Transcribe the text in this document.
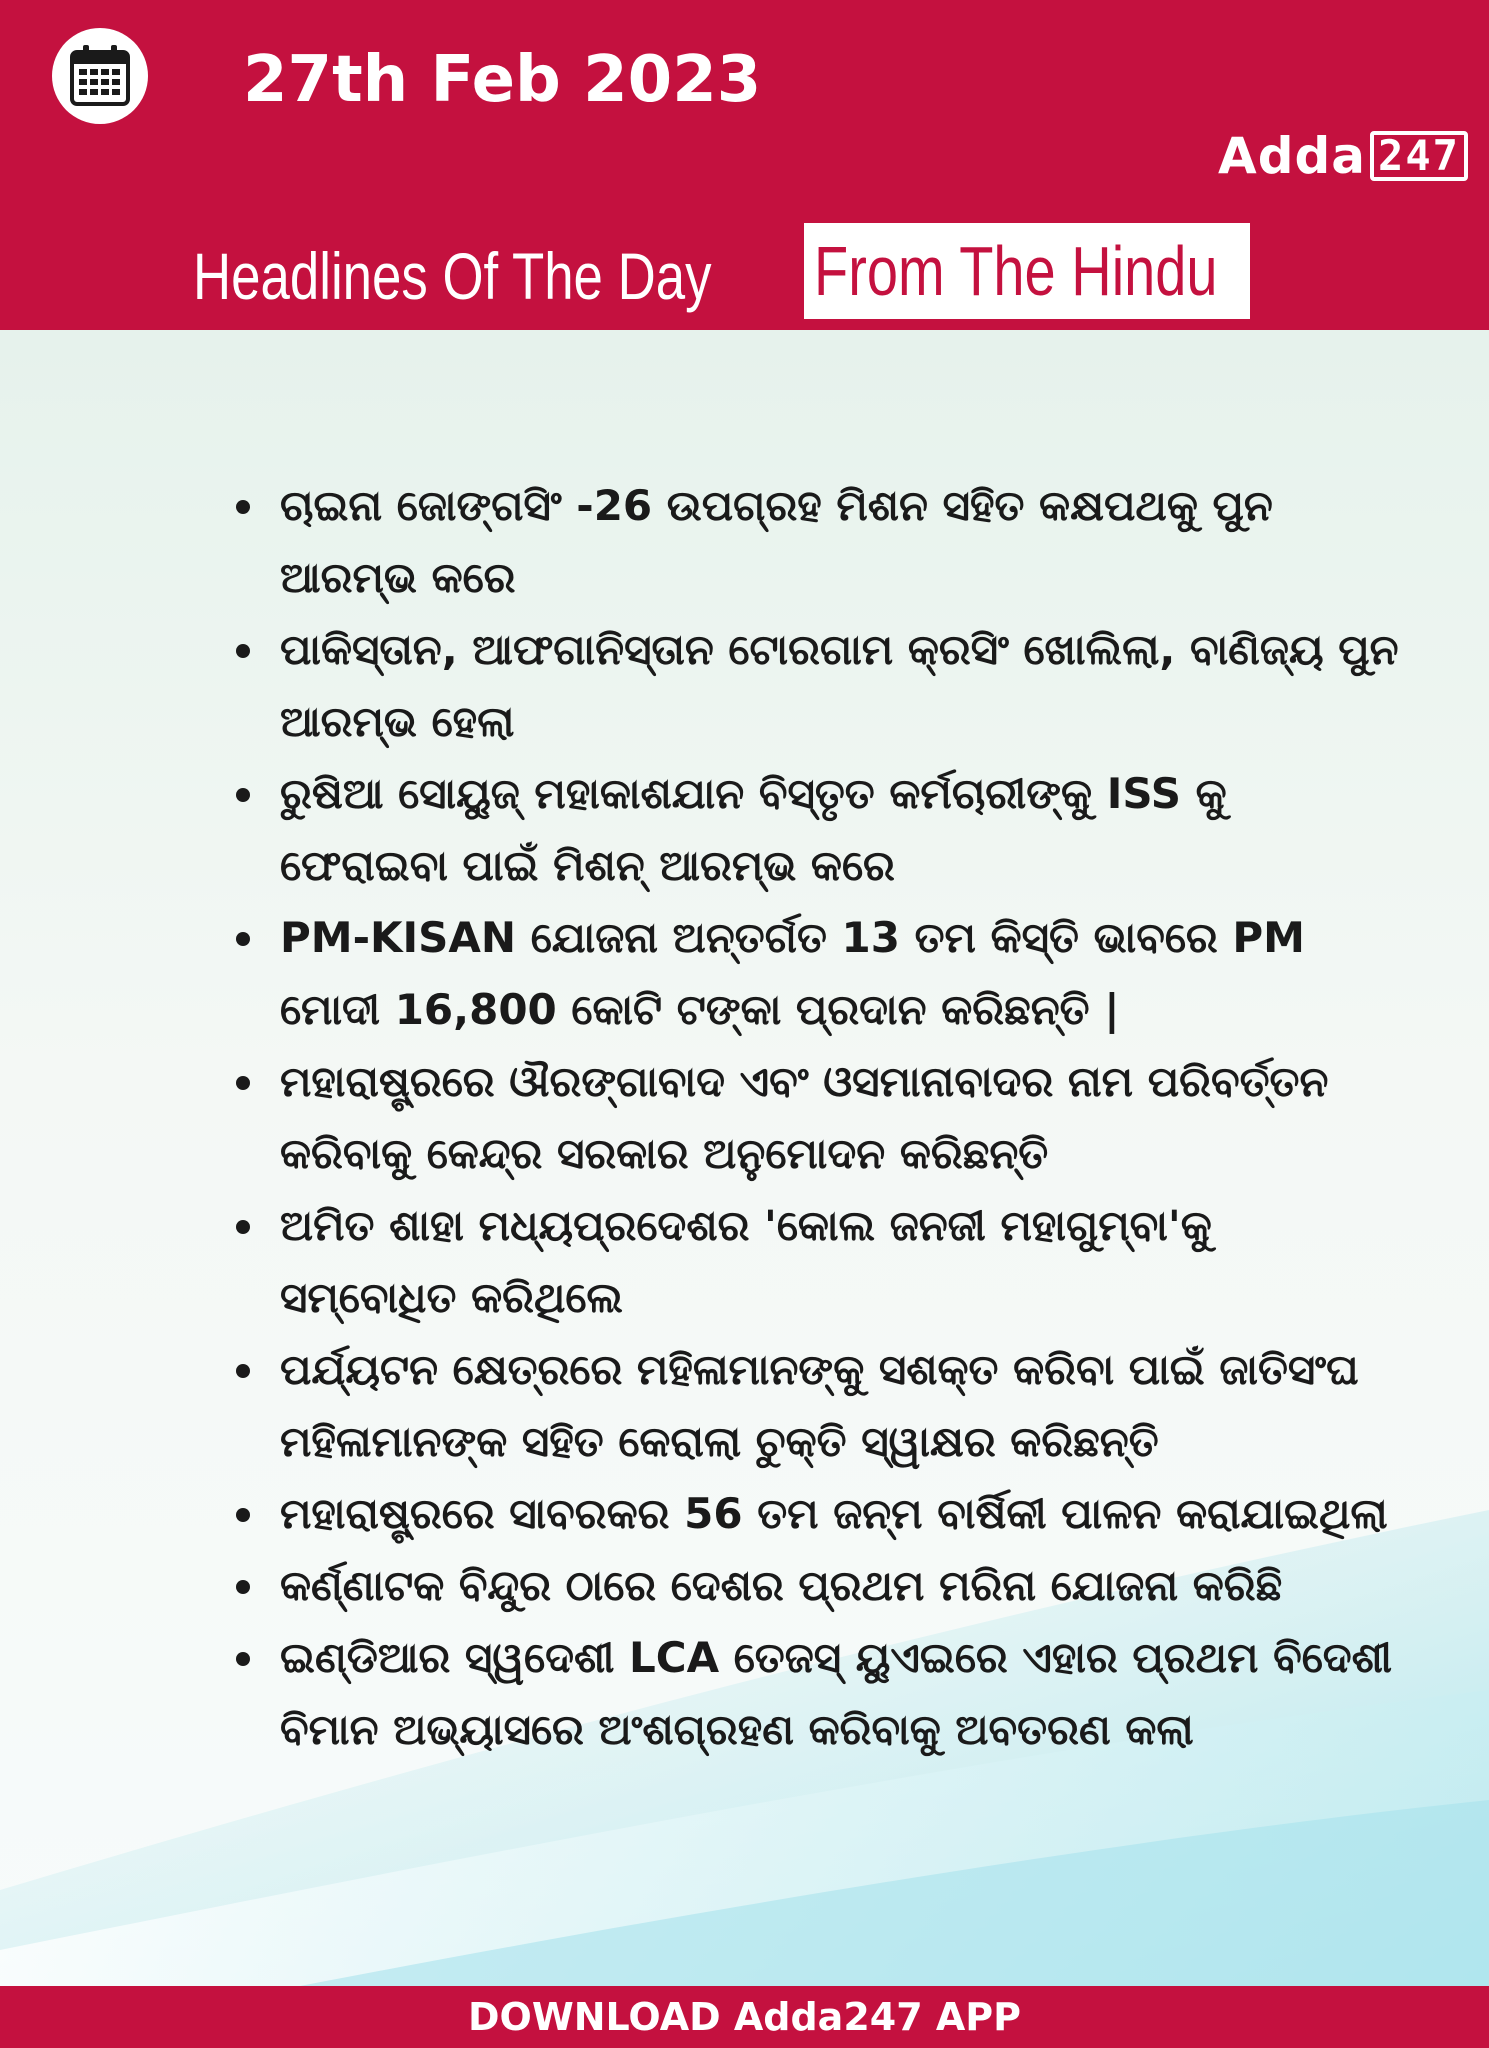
27th Feb 2023
Adda 247
Headlines Of The Day From The Hindu
ଚାଇନା ଜୋଙ୍ଗସିଂ -26 ଉପଗ୍ରହ ମିଶନ ସହିତ କକ୍ଷପଥକୁ ପୁନ ଆରମ୍ଭ କରେ
ପାକିସ୍ତାନ, ଆଫଗାନିସ୍ତାନ ଟୋରଗାମ କ୍ରସିଂ ଖୋଲିଲା, ବାଣିଜ୍ୟ ପୁନ ଆରମ୍ଭ ହେଲା
ରୁଷିଆ ସୋୟୁଜ୍ ମହାକାଶଯାନ ବିସ୍ତୃତ କର୍ମଚାରୀଙ୍କୁ ISS କୁ ଫେରାଇବା ପାଇଁ ମିଶନ୍ ଆରମ୍ଭ କରେ
PM-KISAN ଯୋଜନା ଅନ୍ତର୍ଗତ 13 ତମ କିସ୍ତି ଭାବରେ PM ମୋଦୀ 16,800 କୋଟି ଟଙ୍କା ପ୍ରଦାନ କରିଛନ୍ତି |
ମହାରାଷ୍ଟ୍ରରେ ଔରଙ୍ଗାବାଦ ଏବଂ ଓସମାନାବାଦର ନାମ ପରିବର୍ତ୍ତନ କରିବାକୁ କେନ୍ଦ୍ର ସରକାର ଅନୁମୋଦନ କରିଛନ୍ତି
ଅମିତ ଶାହା ମଧ୍ୟପ୍ରଦେଶର 'କୋଲ ଜନଜୀ ମହାଗୁମ୍ବା'କୁ ସମ୍ବୋଧିତ କରିଥିଲେ
ପର୍ଯ୍ୟଟନ କ୍ଷେତ୍ରରେ ମହିଳାମାନଙ୍କୁ ସଶକ୍ତ କରିବା ପାଇଁ ଜାତିସଂଘ ମହିଳାମାନଙ୍କ ସହିତ କେରାଲା ଚୁକ୍ତି ସ୍ୱାକ୍ଷର କରିଛନ୍ତି
ମହାରାଷ୍ଟ୍ରରେ ସାବରକର 56 ତମ ଜନ୍ମ ବାର୍ଷିକୀ ପାଳନ କରାଯାଇଥିଲା
କର୍ଣ୍ଣାଟକ ବିନ୍ଦୁର ଠାରେ ଦେଶର ପ୍ରଥମ ମରିନା ଯୋଜନା କରିଛି
ଇଣ୍ଡିଆର ସ୍ୱଦେଶୀ LCA ତେଜସ୍ ୟୁଏଇରେ ଏହାର ପ୍ରଥମ ବିଦେଶୀ ବିମାନ ଅଭ୍ୟାସରେ ଅଂଶଗ୍ରହଣ କରିବାକୁ ଅବତରଣ କଲା
DOWNLOAD Adda247 APP
